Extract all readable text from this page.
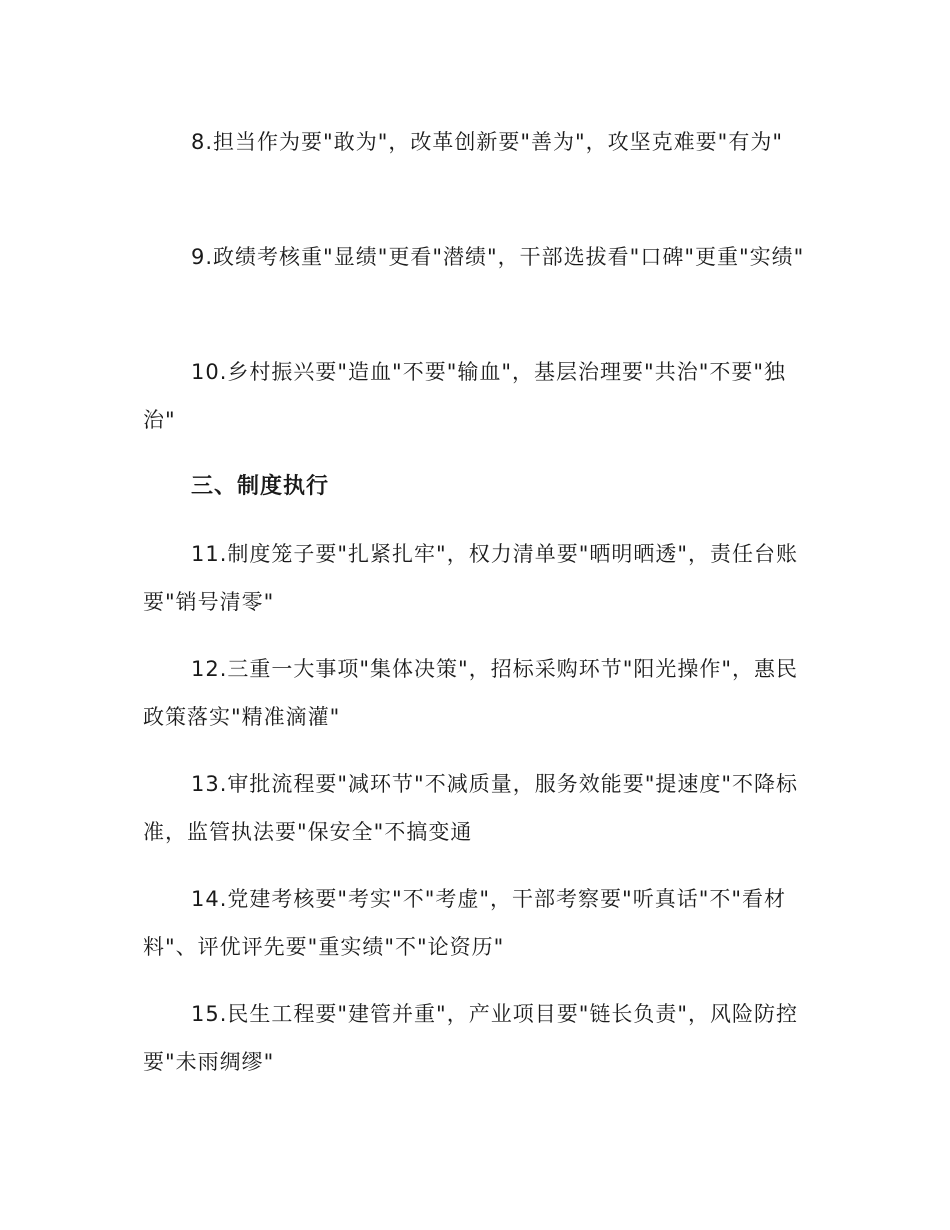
8.担当作为要"敢为"，改革创新要"善为"，攻坚克难要"有为"

9.政绩考核重"显绩"更看"潜绩"，干部选拔看"口碑"更重"实绩"

10.乡村振兴要"造血"不要"输血"，基层治理要"共治"不要"独治"

三、制度执行

11.制度笼子要"扎紧扎牢"，权力清单要"晒明晒透"，责任台账要"销号清零"

12.三重一大事项"集体决策"，招标采购环节"阳光操作"，惠民政策落实"精准滴灌"

13.审批流程要"减环节"不减质量，服务效能要"提速度"不降标准，监管执法要"保安全"不搞变通

14.党建考核要"考实"不"考虚"，干部考察要"听真话"不"看材料"、评优评先要"重实绩"不"论资历"

15.民生工程要"建管并重"，产业项目要"链长负责"，风险防控要"未雨绸缪"
